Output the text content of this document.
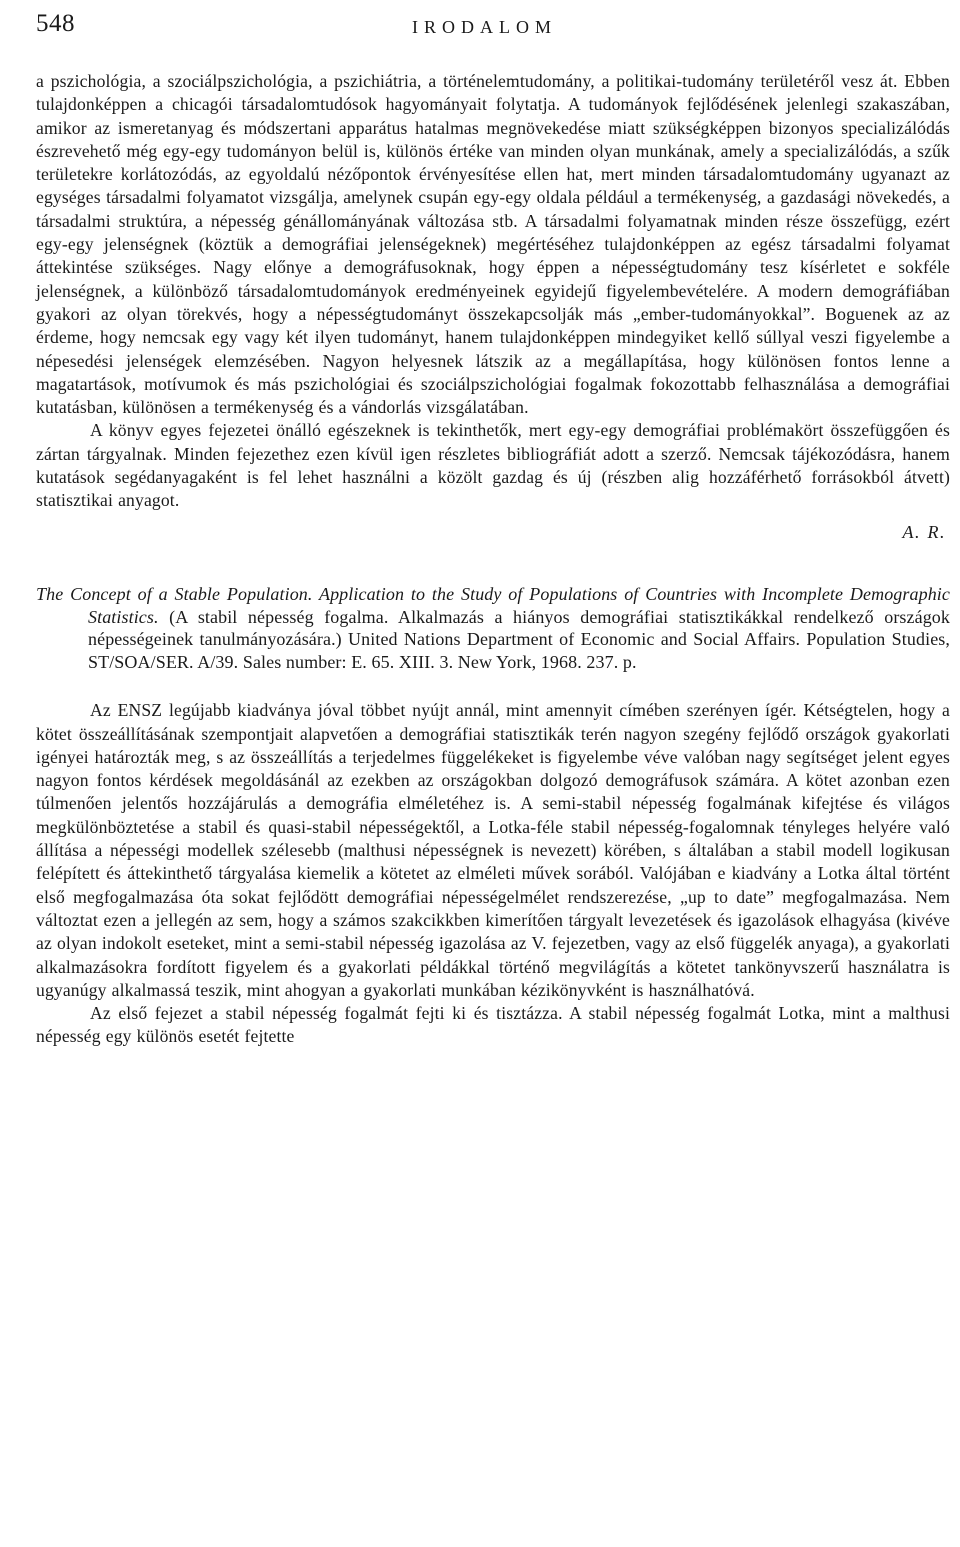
548	IRODALOM

a pszichológia, a szociálpszichológia, a pszichiátria, a történelemtudomány, a politikai-tudomány területéről vesz át. Ebben tulajdonképpen a chicagói társadalomtudósok hagyományait folytatja. A tudományok fejlődésének jelenlegi szakaszában, amikor az ismeretanyag és módszertani apparátus hatalmas megnövekedése miatt szükségképpen bizonyos specializálódás észrevehető még egy-egy tudományon belül is, különös értéke van minden olyan munkának, amely a specializálódás, a szűk területekre korlátozódás, az egyoldalú nézőpontok érvényesítése ellen hat, mert minden társadalomtudomány ugyanazt az egységes társadalmi folyamatot vizsgálja, amelynek csupán egy-egy oldala például a termékenység, a gazdasági növekedés, a társadalmi struktúra, a népesség génállományának változása stb. A társadalmi folyamatnak minden része összefügg, ezért egy-egy jelenségnek (köztük a demográfiai jelenségeknek) megértéséhez tulajdonképpen az egész társadalmi folyamat áttekintése szükséges. Nagy előnye a demográfusoknak, hogy éppen a népességtudomány tesz kísérletet e sokféle jelenségnek, a különböző társadalomtudományok eredményeinek egyidejű figyelembevételére. A modern demográfiában gyakori az olyan törekvés, hogy a népességtudományt összekapcsolják más „ember-tudományokkal”. Boguenek az az érdeme, hogy nemcsak egy vagy két ilyen tudományt, hanem tulajdonképpen mindegyiket kellő súllyal veszi figyelembe a népesedési jelenségek elemzésében. Nagyon helyesnek látszik az a megállapítása, hogy különösen fontos lenne a magatartások, motívumok és más pszichológiai és szociálpszichológiai fogalmak fokozottabb felhasználása a demográfiai kutatásban, különösen a termékenység és a vándorlás vizsgálatában.

A könyv egyes fejezetei önálló egészeknek is tekinthetők, mert egy-egy demográfiai problémakört összefüggően és zártan tárgyalnak. Minden fejezethez ezen kívül igen részletes bibliográfiát adott a szerző. Nemcsak tájékozódásra, hanem kutatások segédanyagaként is fel lehet használni a közölt gazdag és új (részben alig hozzáférhető forrásokból átvett) statisztikai anyagot.

A. R.
The Concept of a Stable Population. Application to the Study of Populations of Countries with Incomplete Demographic Statistics. (A stabil népesség fogalma. Alkalmazás a hiányos demográfiai statisztikákkal rendelkező országok népességeinek tanulmányozására.) United Nations Department of Economic and Social Affairs. Population Studies, ST/SOA/SER. A/39. Sales number: E. 65. XIII. 3. New York, 1968. 237. p.

Az ENSZ legújabb kiadványa jóval többet nyújt annál, mint amennyit címében szerényen ígér. Kétségtelen, hogy a kötet összeállításának szempontjait alapvetően a demográfiai statisztikák terén nagyon szegény fejlődő országok gyakorlati igényei határozták meg, s az összeállítás a terjedelmes függelékeket is figyelembe véve valóban nagy segítséget jelent egyes nagyon fontos kérdések megoldásánál az ezekben az országokban dolgozó demográfusok számára. A kötet azonban ezen túlmenően jelentős hozzájárulás a demográfia elméletéhez is. A semi-stabil népesség fogalmának kifejtése és világos megkülönböztetése a stabil és quasi-stabil népességektől, a Lotka-féle stabil népesség-fogalomnak tényleges helyére való állítása a népességi modellek szélesebb (malthusi népességnek is nevezett) körében, s általában a stabil modell logikusan felépített és áttekinthető tárgyalása kiemelik a kötetet az elméleti művek sorából. Valójában e kiadvány a Lotka által történt első megfogalmazása óta sokat fejlődött demográfiai népességelmélet rendszerezése, „up to date” megfogalmazása. Nem változtat ezen a jellegén az sem, hogy a számos szakcikkben kimerítően tárgyalt levezetések és igazolások elhagyása (kivéve az olyan indokolt eseteket, mint a semi-stabil népesség igazolása az V. fejezetben, vagy az első függelék anyaga), a gyakorlati alkalmazásokra fordított figyelem és a gyakorlati példákkal történő megvilágítás a kötetet tankönyvszerű használatra is ugyanúgy alkalmassá teszik, mint ahogyan a gyakorlati munkában kézikönyvként is használhatóvá.

Az első fejezet a stabil népesség fogalmát fejti ki és tisztázza. A stabil népesség fogalmát Lotka, mint a malthusi népesség egy különös esetét fejtette
